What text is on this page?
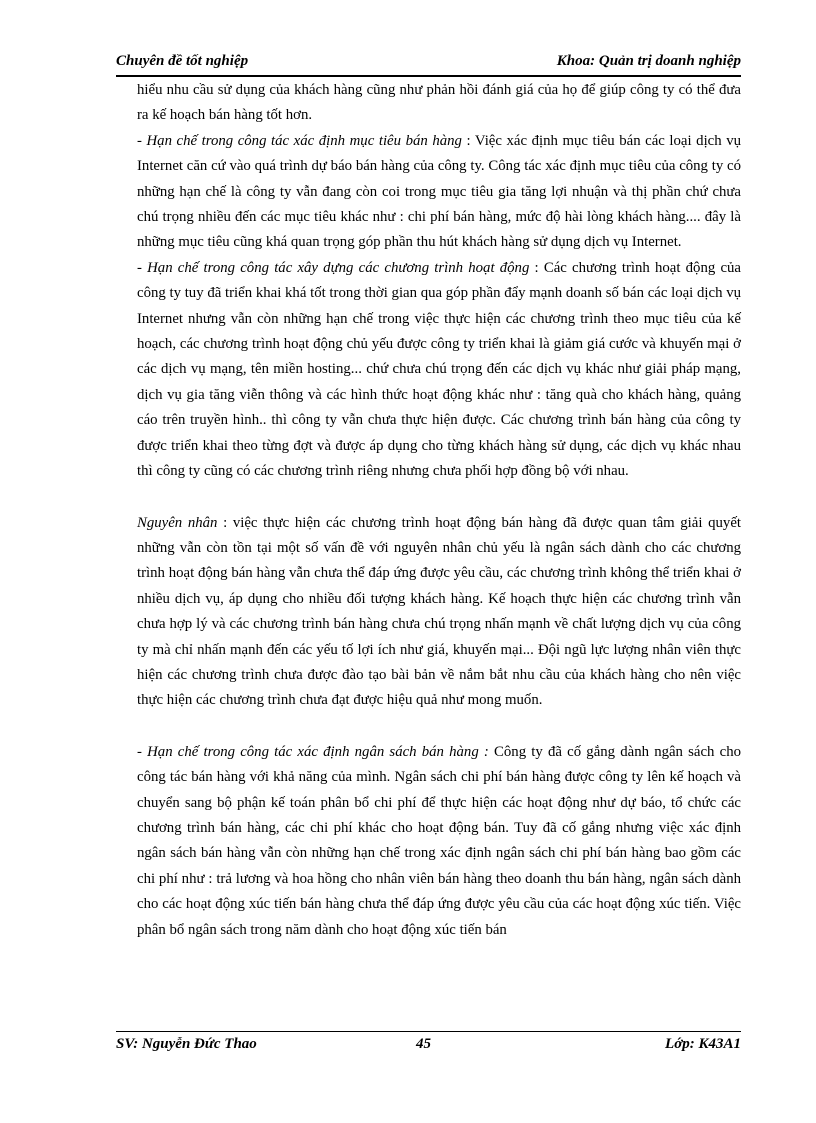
Chuyên đề tốt nghiệp	Khoa: Quản trị doanh nghiệp

hiểu nhu cầu sử dụng của khách hàng cũng như phản hồi đánh giá của họ để giúp công ty có thể đưa ra kế hoạch bán hàng tốt hơn.

- Hạn chế trong công tác xác định mục tiêu bán hàng : Việc xác định mục tiêu bán các loại dịch vụ Internet căn cứ vào quá trình dự báo bán hàng của công ty. Công tác xác định mục tiêu của công ty có những hạn chế là công ty vẫn đang còn coi trong mục tiêu gia tăng lợi nhuận và thị phần chứ chưa chú trọng nhiều đến các mục tiêu khác như : chi phí bán hàng, mức độ hài lòng khách hàng.... đây là những mục tiêu cũng khá quan trọng góp phần thu hút khách hàng sử dụng dịch vụ Internet.

- Hạn chế trong công tác xây dựng các chương trình hoạt động : Các chương trình hoạt động của công ty tuy đã triển khai khá tốt trong thời gian qua góp phần đẩy mạnh doanh số bán các loại dịch vụ Internet nhưng vẫn còn những hạn chế trong việc thực hiện các chương trình theo mục tiêu của kế hoạch, các chương trình hoạt động chủ yếu được công ty triển khai là giảm giá cước và khuyến mại ở các dịch vụ mạng, tên miền hosting... chứ chưa chú trọng đến các dịch vụ khác như giải pháp mạng, dịch vụ gia tăng viễn thông và các hình thức hoạt động khác như : tăng quà cho khách hàng, quảng cáo trên truyền hình.. thì công ty vẫn chưa thực hiện được. Các chương trình bán hàng của công ty được triển khai theo từng đợt và được áp dụng cho từng khách hàng sử dụng, các dịch vụ khác nhau thì công ty cũng có các chương trình riêng nhưng chưa phối hợp đồng bộ với nhau.

Nguyên nhân : việc thực hiện các chương trình hoạt động bán hàng đã được quan tâm giải quyết những vẫn còn tồn tại một số vấn đề với nguyên nhân chủ yếu là ngân sách dành cho các chương trình hoạt động bán hàng vẫn chưa thể đáp ứng được yêu cầu, các chương trình không thể triển khai ở nhiều dịch vụ, áp dụng cho nhiều đối tượng khách hàng. Kế hoạch thực hiện các chương trình vẫn chưa hợp lý và các chương trình bán hàng chưa chú trọng nhấn mạnh về chất lượng dịch vụ của công ty mà chỉ nhấn mạnh đến các yếu tố lợi ích như giá, khuyến mại... Đội ngũ lực lượng nhân viên thực hiện các chương trình chưa được đào tạo bài bản về nắm bắt nhu cầu của khách hàng cho nên việc thực hiện các chương trình chưa đạt được hiệu quả như mong muốn.

- Hạn chế trong công tác xác định ngân sách bán hàng : Công ty đã cố gắng dành ngân sách cho công tác bán hàng với khả năng của mình. Ngân sách chi phí bán hàng được công ty lên kế hoạch và chuyển sang bộ phận kế toán phân bổ chi phí để thực hiện các hoạt động như dự báo, tổ chức các chương trình bán hàng, các chi phí khác cho hoạt động bán. Tuy đã cố gắng nhưng việc xác định ngân sách bán hàng vẫn còn những hạn chế trong xác định ngân sách chi phí bán hàng bao gồm các chi phí như : trả lương và hoa hồng cho nhân viên bán hàng theo doanh thu bán hàng, ngân sách dành cho các hoạt động xúc tiến bán hàng chưa thể đáp ứng được yêu cầu của các hoạt động xúc tiến. Việc phân bổ ngân sách trong năm dành cho hoạt động xúc tiến bán

SV: Nguyễn Đức Thao	45	Lớp: K43A1
